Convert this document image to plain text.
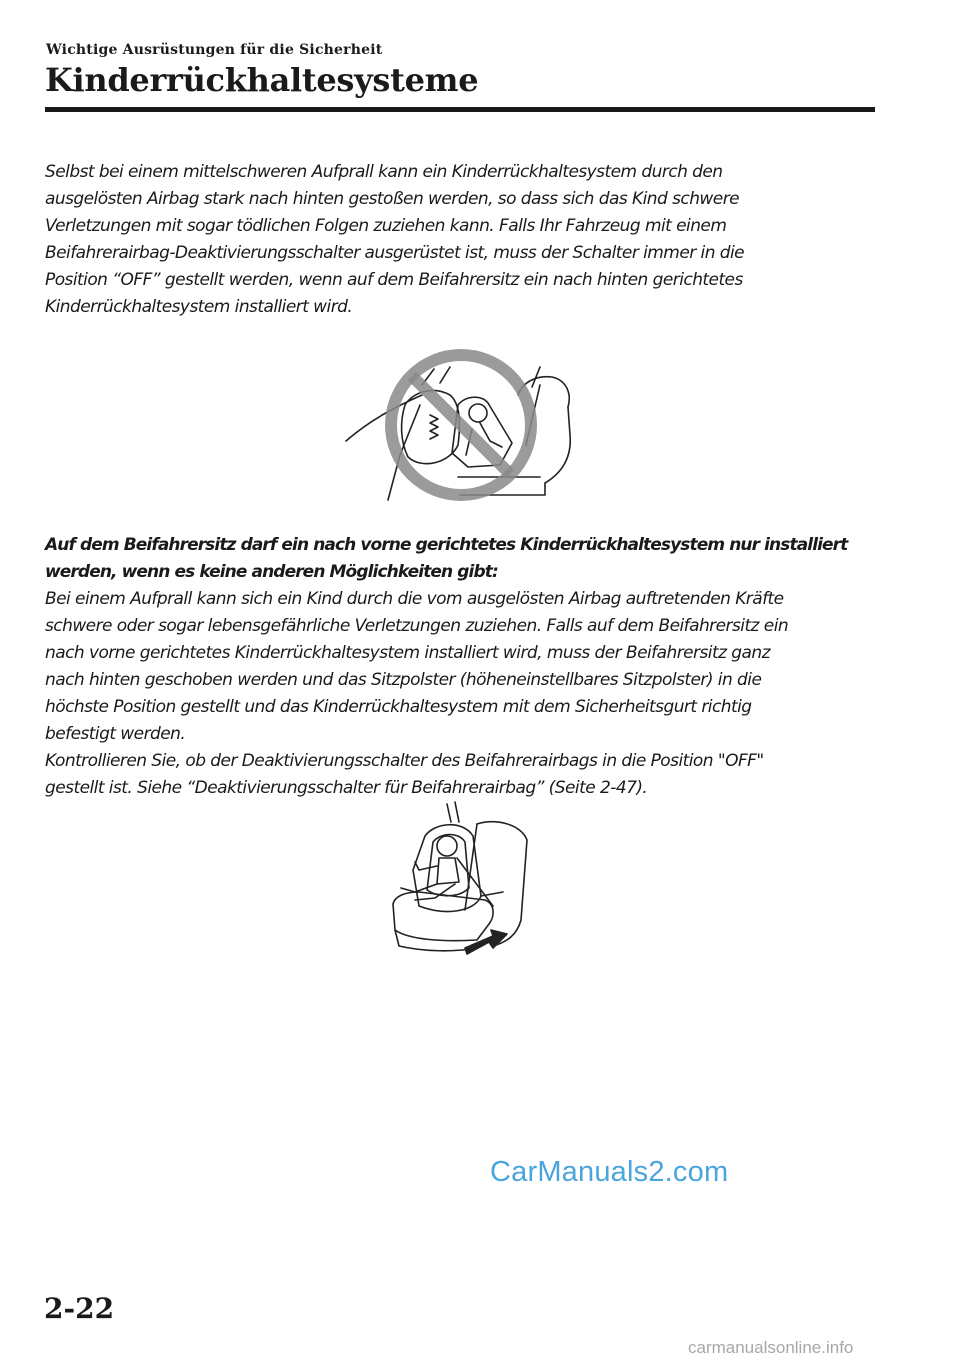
Wichtige Ausrüstungen für die Sicherheit
Kinderrückhaltesysteme

Selbst bei einem mittelschweren Aufprall kann ein Kinderrückhaltesystem durch den
ausgelösten Airbag stark nach hinten gestoßen werden, so dass sich das Kind schwere
Verletzungen mit sogar tödlichen Folgen zuziehen kann. Falls Ihr Fahrzeug mit einem
Beifahrerairbag-Deaktivierungsschalter ausgerüstet ist, muss der Schalter immer in die
Position “OFF” gestellt werden, wenn auf dem Beifahrersitz ein nach hinten gerichtetes
Kinderrückhaltesystem installiert wird.

Auf dem Beifahrersitz darf ein nach vorne gerichtetes Kinderrückhaltesystem nur installiert
werden, wenn es keine anderen Möglichkeiten gibt:
Bei einem Aufprall kann sich ein Kind durch die vom ausgelösten Airbag auftretenden Kräfte
schwere oder sogar lebensgefährliche Verletzungen zuziehen. Falls auf dem Beifahrersitz ein
nach vorne gerichtetes Kinderrückhaltesystem installiert wird, muss der Beifahrersitz ganz
nach hinten geschoben werden und das Sitzpolster (höheneinstellbares Sitzpolster) in die
höchste Position gestellt und das Kinderrückhaltesystem mit dem Sicherheitsgurt richtig
befestigt werden.
Kontrollieren Sie, ob der Deaktivierungsschalter des Beifahrerairbags in die Position "OFF"
gestellt ist. Siehe “Deaktivierungsschalter für Beifahrerairbag” (Seite 2-47).

CarManuals2.com
2-22
carmanualsonline.info
